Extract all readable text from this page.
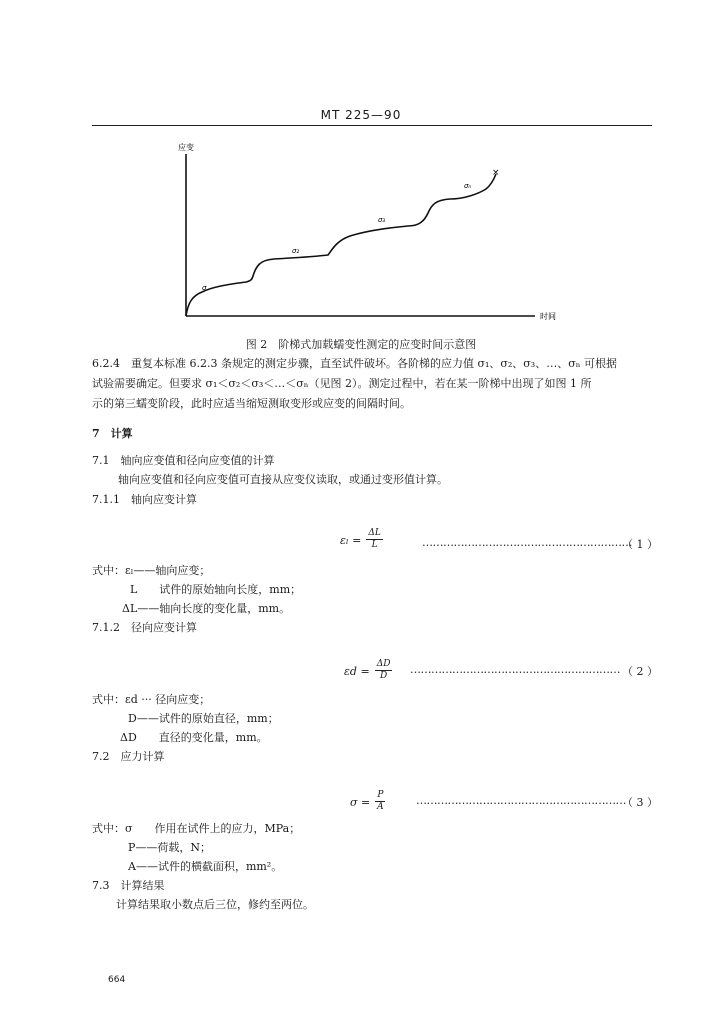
MT 225—90
应变
时间
σ
σ₂
σ₃
σₙ
×
图 2　阶梯式加载蠕变性测定的应变时间示意图
6.2.4　重复本标准 6.2.3 条规定的测定步骤，直至试件破坏。各阶梯的应力值 σ₁、σ₂、σ₃、…、σₙ 可根据
试验需要确定。但要求 σ₁＜σ₂＜σ₃＜…＜σₙ（见图 2）。测定过程中，若在某一阶梯中出现了如图 1 所
示的第三蠕变阶段，此时应适当缩短测取变形或应变的间隔时间。
7　计算
7.1　轴向应变值和径向应变值的计算
轴向应变值和径向应变值可直接从应变仪读取，或通过变形值计算。
7.1.1　轴向应变计算
$\varepsilon_l = \frac{\Delta L}{L}$	……………………………………………………
（ 1 ）
式中：εₗ——轴向应变；
L　　试件的原始轴向长度，mm；
ΔL——轴向长度的变化量，mm。
7.1.2　径向应变计算
$\varepsilon d = \frac{\Delta D}{D}$ …………………………………………………… （ 2 ）
式中：εd ··· 径向应变；
D——试件的原始直径，mm；
ΔD　　直径的变化量，mm。
7.2　应力计算
$\sigma = \frac{P}{A}$	……………………………………………………
（ 3 ）
式中：σ　　作用在试件上的应力，MPa；
P——荷载，N；
A——试件的横截面积，mm²。
7.3　计算结果
计算结果取小数点后三位，修约至两位。
664
